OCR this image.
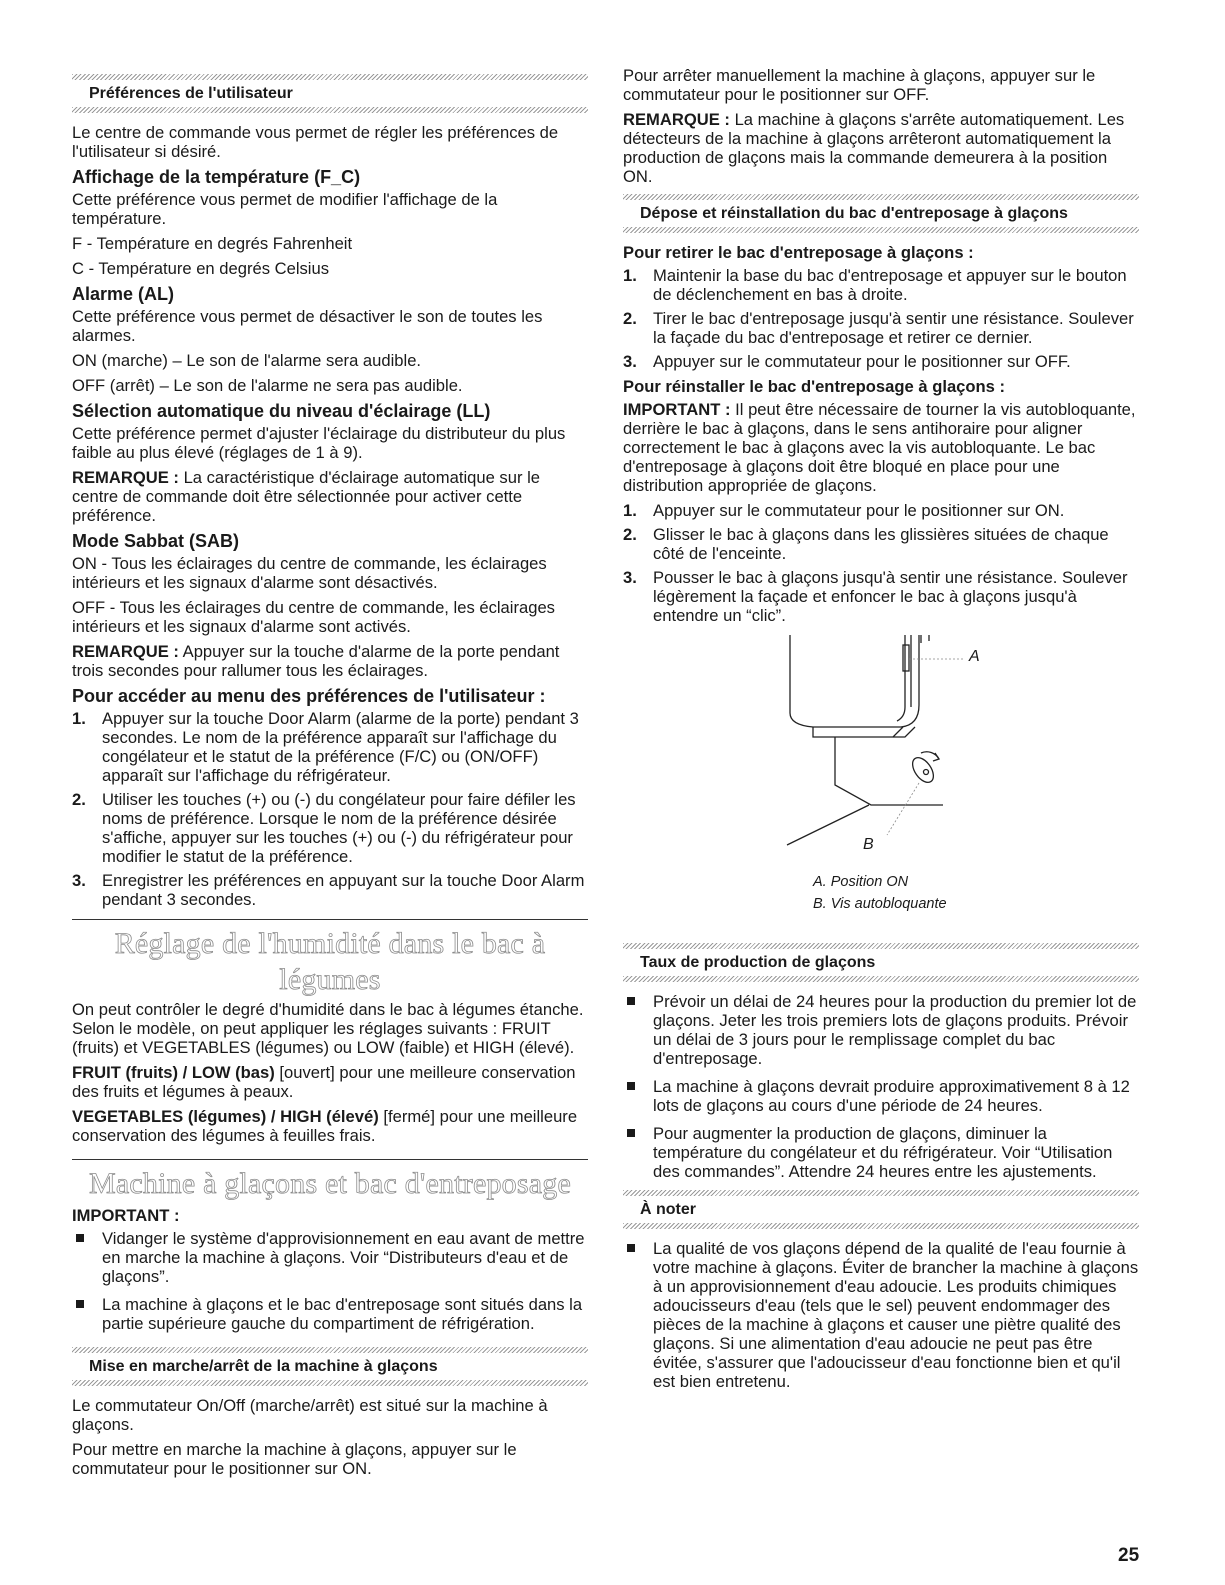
Préférences de l'utilisateur

Le centre de commande vous permet de régler les préférences de l'utilisateur si désiré.

Affichage de la température (F_C)

Cette préférence vous permet de modifier l'affichage de la température.

F - Température en degrés Fahrenheit

C - Température en degrés Celsius

Alarme (AL)

Cette préférence vous permet de désactiver le son de toutes les alarmes.

ON (marche) – Le son de l'alarme sera audible.

OFF (arrêt) – Le son de l'alarme ne sera pas audible.

Sélection automatique du niveau d'éclairage (LL)

Cette préférence permet d'ajuster l'éclairage du distributeur du plus faible au plus élevé (réglages de 1 à 9).

REMARQUE : La caractéristique d'éclairage automatique sur le centre de commande doit être sélectionnée pour activer cette préférence.

Mode Sabbat (SAB)

ON - Tous les éclairages du centre de commande, les éclairages intérieurs et les signaux d'alarme sont désactivés.

OFF - Tous les éclairages du centre de commande, les éclairages intérieurs et les signaux d'alarme sont activés.

REMARQUE : Appuyer sur la touche d'alarme de la porte pendant trois secondes pour rallumer tous les éclairages.

Pour accéder au menu des préférences de l'utilisateur :
1. Appuyer sur la touche Door Alarm (alarme de la porte) pendant 3 secondes. Le nom de la préférence apparaît sur l'affichage du congélateur et le statut de la préférence (F/C) ou (ON/OFF) apparaît sur l'affichage du réfrigérateur.
2. Utiliser les touches (+) ou (-) du congélateur pour faire défiler les noms de préférence. Lorsque le nom de la préférence désirée s'affiche, appuyer sur les touches (+) ou (-) du réfrigérateur pour modifier le statut de la préférence.
3. Enregistrer les préférences en appuyant sur la touche Door Alarm pendant 3 secondes.
Réglage de l'humidité dans le bac à légumes

On peut contrôler le degré d'humidité dans le bac à légumes étanche. Selon le modèle, on peut appliquer les réglages suivants : FRUIT (fruits) et VEGETABLES (légumes) ou LOW (faible) et HIGH (élevé).

FRUIT (fruits) / LOW (bas) [ouvert] pour une meilleure conservation des fruits et légumes à peaux.

VEGETABLES (légumes) / HIGH (élevé) [fermé] pour une meilleure conservation des légumes à feuilles frais.

Machine à glaçons et bac d'entreposage
IMPORTANT :
Vidanger le système d'approvisionnement en eau avant de mettre en marche la machine à glaçons. Voir “Distributeurs d'eau et de glaçons”.
La machine à glaçons et le bac d'entreposage sont situés dans la partie supérieure gauche du compartiment de réfrigération.
Mise en marche/arrêt de la machine à glaçons

Le commutateur On/Off (marche/arrêt) est situé sur la machine à glaçons.

Pour mettre en marche la machine à glaçons, appuyer sur le commutateur pour le positionner sur ON.

Pour arrêter manuellement la machine à glaçons, appuyer sur le commutateur pour le positionner sur OFF.

REMARQUE : La machine à glaçons s'arrête automatiquement. Les détecteurs de la machine à glaçons arrêteront automatiquement la production de glaçons mais la commande demeurera à la position ON.

Dépose et réinstallation du bac d'entreposage à glaçons
Pour retirer le bac d'entreposage à glaçons :
1. Maintenir la base du bac d'entreposage et appuyer sur le bouton de déclenchement en bas à droite.
2. Tirer le bac d'entreposage jusqu'à sentir une résistance. Soulever la façade du bac d'entreposage et retirer ce dernier.
3. Appuyer sur le commutateur pour le positionner sur OFF.
Pour réinstaller le bac d'entreposage à glaçons :

IMPORTANT : Il peut être nécessaire de tourner la vis autobloquante, derrière le bac à glaçons, dans le sens antihoraire pour aligner correctement le bac à glaçons avec la vis autobloquante. Le bac d'entreposage à glaçons doit être bloqué en place pour une distribution appropriée de glaçons.

1. Appuyer sur le commutateur pour le positionner sur ON.
2. Glisser le bac à glaçons dans les glissières situées de chaque côté de l'enceinte.
3. Pousser le bac à glaçons jusqu'à sentir une résistance. Soulever légèrement la façade et enfoncer le bac à glaçons jusqu'à entendre un “clic”.
A
B
A. Position ON
B. Vis autobloquante
Taux de production de glaçons
Prévoir un délai de 24 heures pour la production du premier lot de glaçons. Jeter les trois premiers lots de glaçons produits. Prévoir un délai de 3 jours pour le remplissage complet du bac d'entreposage.
La machine à glaçons devrait produire approximativement 8 à 12 lots de glaçons au cours d'une période de 24 heures.
Pour augmenter la production de glaçons, diminuer la température du congélateur et du réfrigérateur. Voir “Utilisation des commandes”. Attendre 24 heures entre les ajustements.
À noter
La qualité de vos glaçons dépend de la qualité de l'eau fournie à votre machine à glaçons. Éviter de brancher la machine à glaçons à un approvisionnement d'eau adoucie. Les produits chimiques adoucisseurs d'eau (tels que le sel) peuvent endommager des pièces de la machine à glaçons et causer une piètre qualité des glaçons. Si une alimentation d'eau adoucie ne peut pas être évitée, s'assurer que l'adoucisseur d'eau fonctionne bien et qu'il est bien entretenu.
25
